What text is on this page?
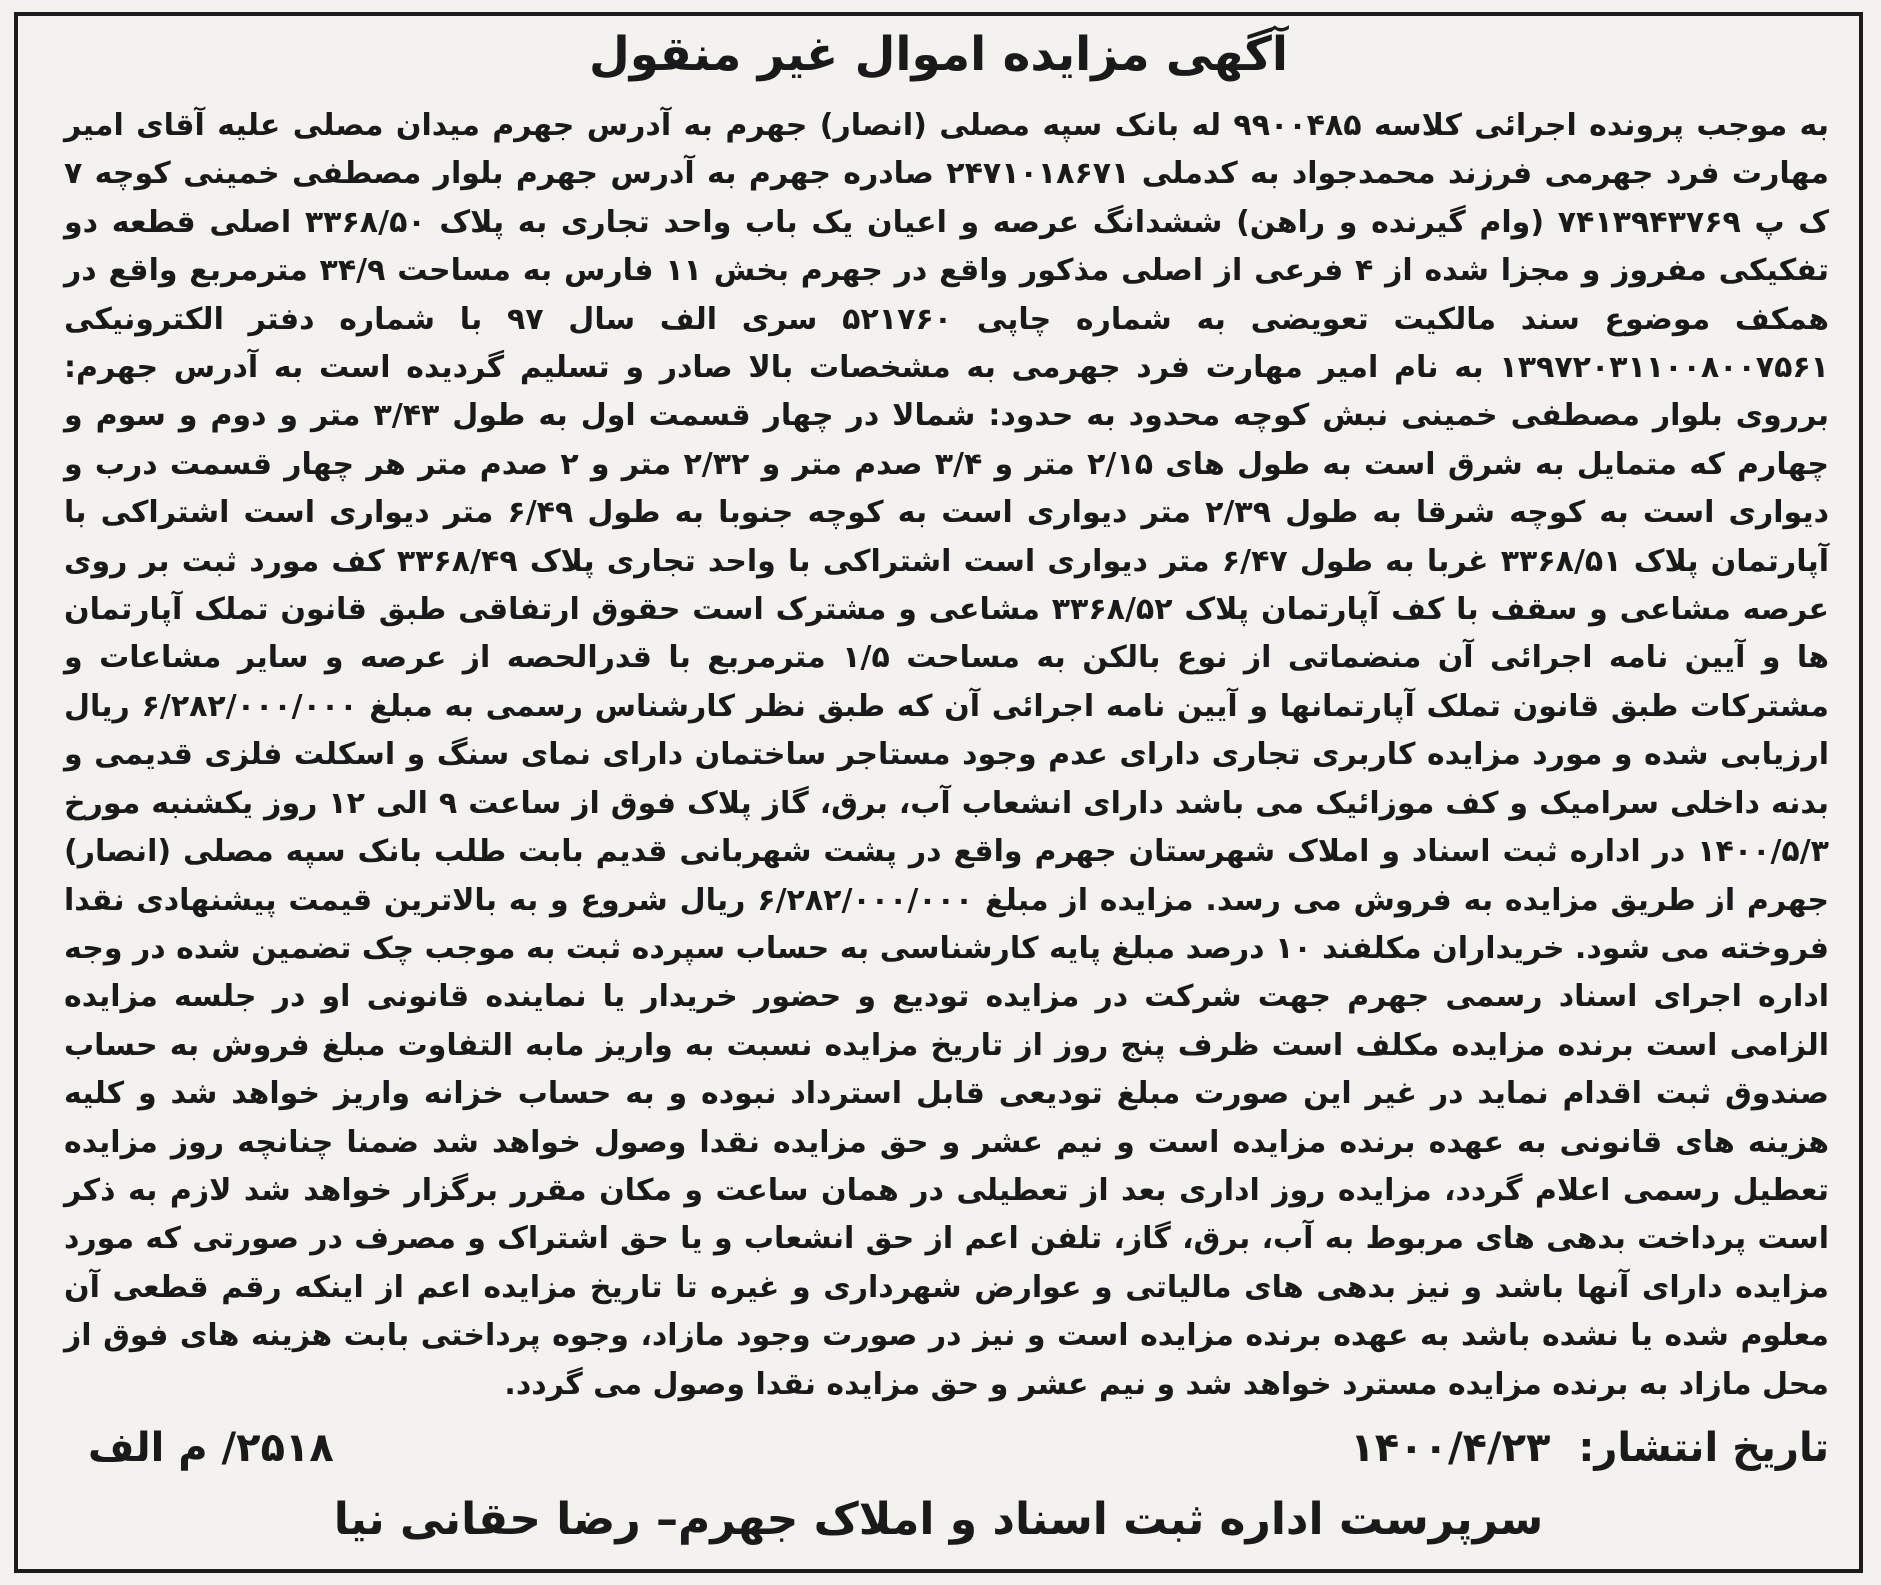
آگهی مزایده اموال غیر منقول

به موجب پرونده اجرائی کلاسه ۹۹۰۰۴۸۵ له بانک سپه مصلی (انصار) جهرم به آدرس جهرم میدان مصلی علیه آقای امیر مهارت فرد جهرمی فرزند محمدجواد به کدملی ۲۴۷۱۰۱۸۶۷۱ صادره جهرم به آدرس جهرم بلوار مصطفی خمینی کوچه ۷ ک پ ۷۴۱۳۹۴۳۷۶۹ (وام گیرنده و راهن) ششدانگ عرصه و اعیان یک باب واحد تجاری به پلاک ۳۳۶۸/۵۰ اصلی قطعه دو تفکیکی مفروز و مجزا شده از ۴ فرعی از اصلی مذکور واقع در جهرم بخش ۱۱ فارس به مساحت ۳۴/۹ مترمربع واقع در همکف موضوع سند مالکیت تعویضی به شماره چاپی ۵۲۱۷۶۰ سری الف سال ۹۷ با شماره دفتر الکترونیکی ۱۳۹۷۲۰۳۱۱۰۰۸۰۰۷۵۶۱ به نام امیر مهارت فرد جهرمی به مشخصات بالا صادر و تسلیم گردیده است به آدرس جهرم: برروی بلوار مصطفی خمینی نبش کوچه محدود به حدود: شمالا در چهار قسمت اول به طول ۳/۴۳ متر و دوم و سوم و چهارم که متمایل به شرق است به طول های ۲/۱۵ متر و ۳/۴ صدم متر و ۲/۳۲ متر و ۲ صدم متر هر چهار قسمت درب و دیواری است به کوچه شرقا به طول ۲/۳۹ متر دیواری است به کوچه جنوبا به طول ۶/۴۹ متر دیواری است اشتراکی با آپارتمان پلاک ۳۳۶۸/۵۱ غربا به طول ۶/۴۷ متر دیواری است اشتراکی با واحد تجاری پلاک ۳۳۶۸/۴۹ کف مورد ثبت بر روی عرصه مشاعی و سقف با کف آپارتمان پلاک ۳۳۶۸/۵۲ مشاعی و مشترک است حقوق ارتفاقی طبق قانون تملک آپارتمان ها و آیین نامه اجرائی آن منضماتی از نوع بالکن به مساحت ۱/۵ مترمربع با قدرالحصه از عرصه و سایر مشاعات و مشترکات طبق قانون تملک آپارتمانها و آیین نامه اجرائی آن که طبق نظر کارشناس رسمی به مبلغ ۶/۲۸۲/۰۰۰/۰۰۰ ریال ارزیابی شده و مورد مزایده کاربری تجاری دارای عدم وجود مستاجر ساختمان دارای نمای سنگ و اسکلت فلزی قدیمی و بدنه داخلی سرامیک و کف موزائیک می باشد دارای انشعاب آب، برق، گاز پلاک فوق از ساعت ۹ الی ۱۲ روز یکشنبه مورخ ۱۴۰۰/۵/۳ در اداره ثبت اسناد و املاک شهرستان جهرم واقع در پشت شهربانی قدیم بابت طلب بانک سپه مصلی (انصار) جهرم از طریق مزایده به فروش می رسد. مزایده از مبلغ ۶/۲۸۲/۰۰۰/۰۰۰ ریال شروع و به بالاترین قیمت پیشنهادی نقدا فروخته می شود. خریداران مکلفند ۱۰ درصد مبلغ پایه کارشناسی به حساب سپرده ثبت به موجب چک تضمین شده در وجه اداره اجرای اسناد رسمی جهرم جهت شرکت در مزایده تودیع و حضور خریدار یا نماینده قانونی او در جلسه مزایده الزامی است برنده مزایده مکلف است ظرف پنج روز از تاریخ مزایده نسبت به واریز مابه التفاوت مبلغ فروش به حساب صندوق ثبت اقدام نماید در غیر این صورت مبلغ تودیعی قابل استرداد نبوده و به حساب خزانه واریز خواهد شد و کلیه هزینه های قانونی به عهده برنده مزایده است و نیم عشر و حق مزایده نقدا وصول خواهد شد ضمنا چنانچه روز مزایده تعطیل رسمی اعلام گردد، مزایده روز اداری بعد از تعطیلی در همان ساعت و مکان مقرر برگزار خواهد شد لازم به ذکر است پرداخت بدهی های مربوط به آب، برق، گاز، تلفن اعم از حق انشعاب و یا حق اشتراک و مصرف در صورتی که مورد مزایده دارای آنها باشد و نیز بدهی های مالیاتی و عوارض شهرداری و غیره تا تاریخ مزایده اعم از اینکه رقم قطعی آن معلوم شده یا نشده باشد به عهده برنده مزایده است و نیز در صورت وجود مازاد، وجوه پرداختی بابت هزینه های فوق از محل مازاد به برنده مزایده مسترد خواهد شد و نیم عشر و حق مزایده نقدا وصول می گردد.

تاریخ انتشار: ۱۴۰۰/۴/۲۳
۲۵۱۸/ م الف
سرپرست اداره ثبت اسناد و املاک جهرم– رضا حقانی نیا
